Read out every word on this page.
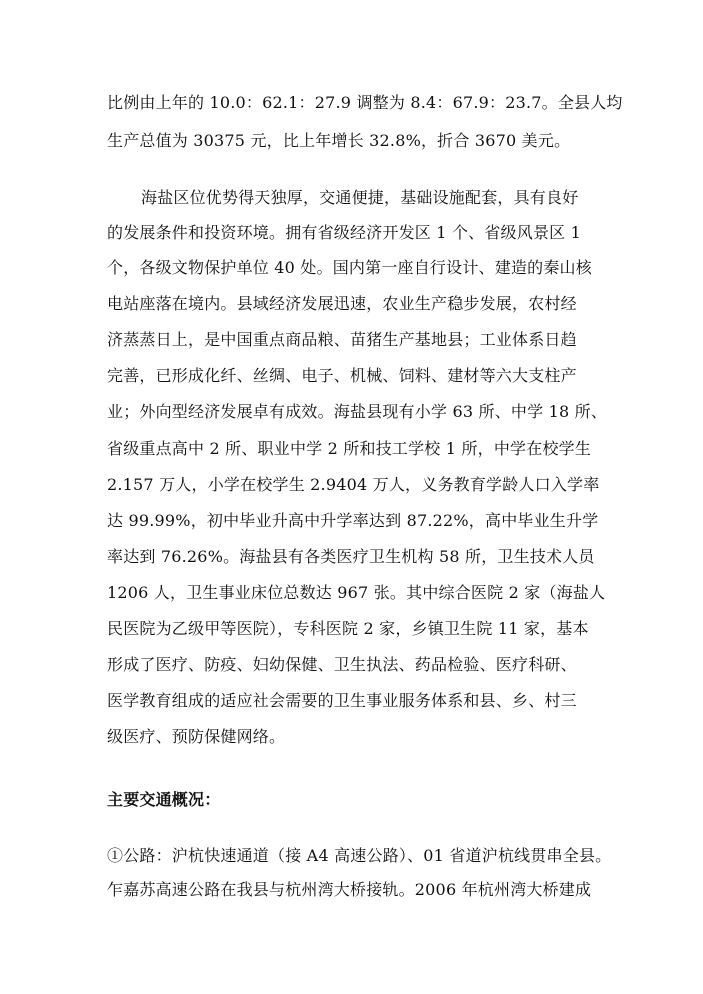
比例由上年的 10.0：62.1：27.9 调整为 8.4：67.9：23.7。全县人均
生产总值为 30375 元，比上年增长 32.8%，折合 3670 美元。
海盐区位优势得天独厚，交通便捷，基础设施配套，具有良好
的发展条件和投资环境。拥有省级经济开发区 1 个、省级风景区 1
个，各级文物保护单位 40 处。国内第一座自行设计、建造的秦山核
电站座落在境内。县域经济发展迅速，农业生产稳步发展，农村经
济蒸蒸日上，是中国重点商品粮、苗猪生产基地县；工业体系日趋
完善，已形成化纤、丝绸、电子、机械、饲料、建材等六大支柱产
业；外向型经济发展卓有成效。海盐县现有小学 63 所、中学 18 所、
省级重点高中 2 所、职业中学 2 所和技工学校 1 所，中学在校学生
2.157 万人，小学在校学生 2.9404 万人，义务教育学龄人口入学率
达 99.99%，初中毕业升高中升学率达到 87.22%，高中毕业生升学
率达到 76.26%。海盐县有各类医疗卫生机构 58 所，卫生技术人员
1206 人，卫生事业床位总数达 967 张。其中综合医院 2 家（海盐人
民医院为乙级甲等医院），专科医院 2 家，乡镇卫生院 11 家，基本
形成了医疗、防疫、妇幼保健、卫生执法、药品检验、医疗科研、
医学教育组成的适应社会需要的卫生事业服务体系和县、乡、村三
级医疗、预防保健网络。
主要交通概况：
①公路：沪杭快速通道（接 A4 高速公路）、01 省道沪杭线贯串全县。
乍嘉苏高速公路在我县与杭州湾大桥接轨。2006 年杭州湾大桥建成
